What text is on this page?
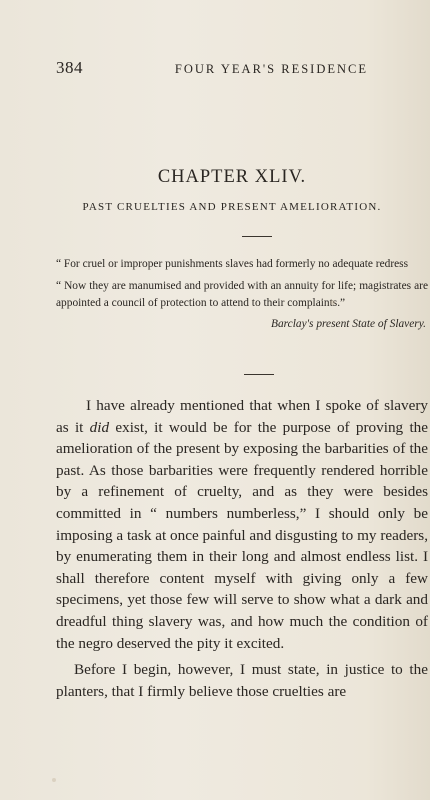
384	FOUR YEAR'S RESIDENCE
CHAPTER XLIV.
PAST CRUELTIES AND PRESENT AMELIORATION.

“ For cruel or improper punishments slaves had formerly no adequate redress

“ Now they are manumised and provided with an annuity for life; magistrates are appointed a council of protection to attend to their complaints.”

Barclay's present State of Slavery.

I have already mentioned that when I spoke of slavery as it did exist, it would be for the purpose of proving the amelioration of the present by exposing the barbarities of the past. As those barbarities were frequently rendered horrible by a refinement of cruelty, and as they were besides committed in “ numbers numberless,” I should only be imposing a task at once painful and disgusting to my readers, by enumerating them in their long and almost endless list. I shall therefore content myself with giving only a few specimens, yet those few will serve to show what a dark and dreadful thing slavery was, and how much the condition of the negro deserved the pity it excited.

Before I begin, however, I must state, in justice to the planters, that I firmly believe those cruelties are
